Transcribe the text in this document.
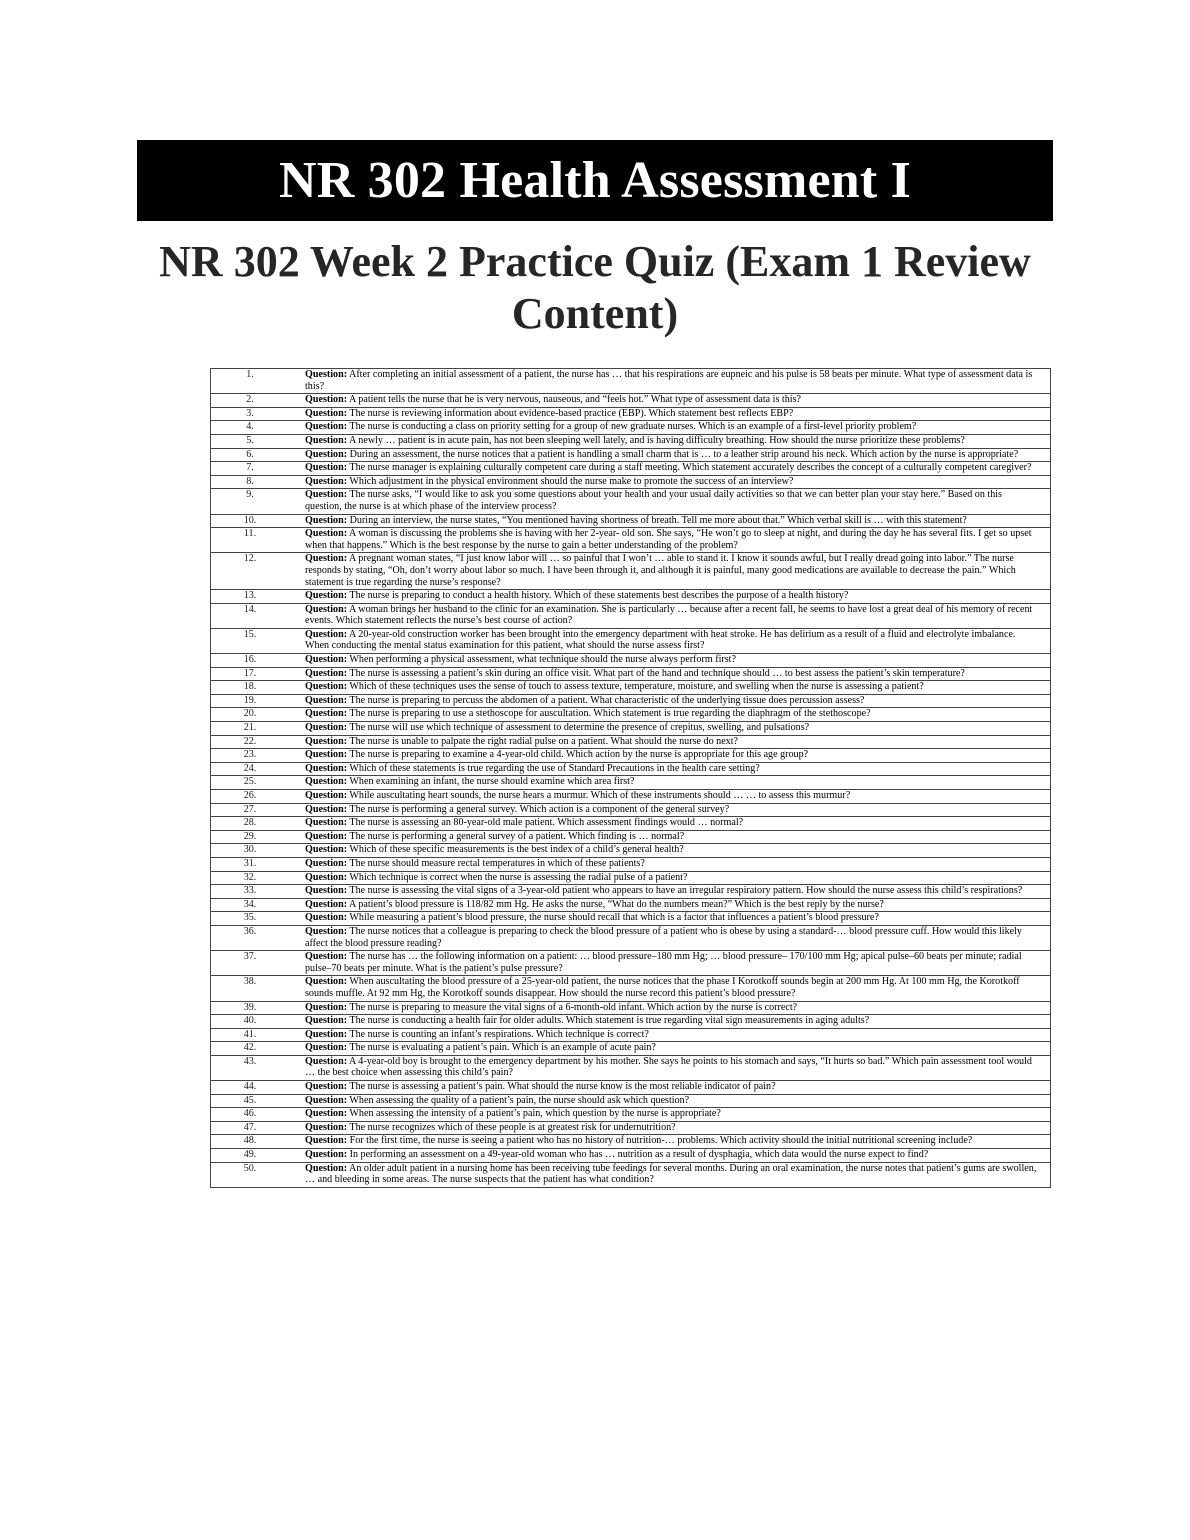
NR 302 Health Assessment I
NR 302 Week 2 Practice Quiz (Exam 1 Review Content)
1.	Question: After completing an initial assessment of a patient, the nurse has … that his respirations are eupneic and his pulse is 58 beats per minute. What type of assessment data is this?
2.	Question: A patient tells the nurse that he is very nervous, nauseous, and “feels hot.” What type of assessment data is this?
3.	Question: The nurse is reviewing information about evidence-based practice (EBP). Which statement best reflects EBP?
4.	Question: The nurse is conducting a class on priority setting for a group of new graduate nurses. Which is an example of a first-level priority problem?
5.	Question: A newly … patient is in acute pain, has not been sleeping well lately, and is having difficulty breathing. How should the nurse prioritize these problems?
6.	Question: During an assessment, the nurse notices that a patient is handling a small charm that is … to a leather strip around his neck. Which action by the nurse is appropriate?
7.	Question: The nurse manager is explaining culturally competent care during a staff meeting. Which statement accurately describes the concept of a culturally competent caregiver?
8.	Question: Which adjustment in the physical environment should the nurse make to promote the success of an interview?
9.	Question: The nurse asks, “I would like to ask you some questions about your health and your usual daily activities so that we can better plan your stay here.” Based on this question, the nurse is at which phase of the interview process?
10.	Question: During an interview, the nurse states, “You mentioned having shortness of breath. Tell me more about that.” Which verbal skill is … with this statement?
11.	Question: A woman is discussing the problems she is having with her 2-year- old son. She says, “He won’t go to sleep at night, and during the day he has several fits. I get so upset when that happens.” Which is the best response by the nurse to gain a better understanding of the problem?
12.	Question: A pregnant woman states, “I just know labor will … so painful that I won’t … able to stand it. I know it sounds awful, but I really dread going into labor.” The nurse responds by stating, “Oh, don’t worry about labor so much. I have been through it, and although it is painful, many good medications are available to decrease the pain.” Which statement is true regarding the nurse’s response?
13.	Question: The nurse is preparing to conduct a health history. Which of these statements best describes the purpose of a health history?
14.	Question: A woman brings her husband to the clinic for an examination. She is particularly … because after a recent fall, he seems to have lost a great deal of his memory of recent events. Which statement reflects the nurse’s best course of action?
15.	Question: A 20-year-old construction worker has been brought into the emergency department with heat stroke. He has delirium as a result of a fluid and electrolyte imbalance. When conducting the mental status examination for this patient, what should the nurse assess first?
16.	Question: When performing a physical assessment, what technique should the nurse always perform first?
17.	Question: The nurse is assessing a patient’s skin during an office visit. What part of the hand and technique should … to best assess the patient’s skin temperature?
18.	Question: Which of these techniques uses the sense of touch to assess texture, temperature, moisture, and swelling when the nurse is assessing a patient?
19.	Question: The nurse is preparing to percuss the abdomen of a patient. What characteristic of the underlying tissue does percussion assess?
20.	Question: The nurse is preparing to use a stethoscope for auscultation. Which statement is true regarding the diaphragm of the stethoscope?
21.	Question: The nurse will use which technique of assessment to determine the presence of crepitus, swelling, and pulsations?
22.	Question: The nurse is unable to palpate the right radial pulse on a patient. What should the nurse do next?
23.	Question: The nurse is preparing to examine a 4-year-old child. Which action by the nurse is appropriate for this age group?
24.	Question: Which of these statements is true regarding the use of Standard Precautions in the health care setting?
25.	Question: When examining an infant, the nurse should examine which area first?
26.	Question: While auscultating heart sounds, the nurse hears a murmur. Which of these instruments should … … to assess this murmur?
27.	Question: The nurse is performing a general survey. Which action is a component of the general survey?
28.	Question: The nurse is assessing an 80-year-old male patient. Which assessment findings would … normal?
29.	Question: The nurse is performing a general survey of a patient. Which finding is … normal?
30.	Question: Which of these specific measurements is the best index of a child’s general health?
31.	Question: The nurse should measure rectal temperatures in which of these patients?
32.	Question: Which technique is correct when the nurse is assessing the radial pulse of a patient?
33.	Question: The nurse is assessing the vital signs of a 3-year-old patient who appears to have an irregular respiratory pattern. How should the nurse assess this child’s respirations?
34.	Question: A patient’s blood pressure is 118/82 mm Hg. He asks the nurse, “What do the numbers mean?” Which is the best reply by the nurse?
35.	Question: While measuring a patient’s blood pressure, the nurse should recall that which is a factor that influences a patient’s blood pressure?
36.	Question: The nurse notices that a colleague is preparing to check the blood pressure of a patient who is obese by using a standard-… blood pressure cuff. How would this likely affect the blood pressure reading?
37.	Question: The nurse has … the following information on a patient: … blood pressure–180 mm Hg; … blood pressure– 170/100 mm Hg; apical pulse–60 beats per minute; radial pulse–70 beats per minute. What is the patient’s pulse pressure?
38.	Question: When auscultating the blood pressure of a 25-year-old patient, the nurse notices that the phase I Korotkoff sounds begin at 200 mm Hg. At 100 mm Hg, the Korotkoff sounds muffle. At 92 mm Hg, the Korotkoff sounds disappear. How should the nurse record this patient’s blood pressure?
39.	Question: The nurse is preparing to measure the vital signs of a 6-month-old infant. Which action by the nurse is correct?
40.	Question: The nurse is conducting a health fair for older adults. Which statement is true regarding vital sign measurements in aging adults?
41.	Question: The nurse is counting an infant’s respirations. Which technique is correct?
42.	Question: The nurse is evaluating a patient’s pain. Which is an example of acute pain?
43.	Question: A 4-year-old boy is brought to the emergency department by his mother. She says he points to his stomach and says, “It hurts so bad.” Which pain assessment tool would … the best choice when assessing this child’s pain?
44.	Question: The nurse is assessing a patient’s pain. What should the nurse know is the most reliable indicator of pain?
45.	Question: When assessing the quality of a patient’s pain, the nurse should ask which question?
46.	Question: When assessing the intensity of a patient’s pain, which question by the nurse is appropriate?
47.	Question: The nurse recognizes which of these people is at greatest risk for undernutrition?
48.	Question: For the first time, the nurse is seeing a patient who has no history of nutrition-… problems. Which activity should the initial nutritional screening include?
49.	Question: In performing an assessment on a 49-year-old woman who has … nutrition as a result of dysphagia, which data would the nurse expect to find?
50.	Question: An older adult patient in a nursing home has been receiving tube feedings for several months. During an oral examination, the nurse notes that patient’s gums are swollen, … and bleeding in some areas. The nurse suspects that the patient has what condition?
